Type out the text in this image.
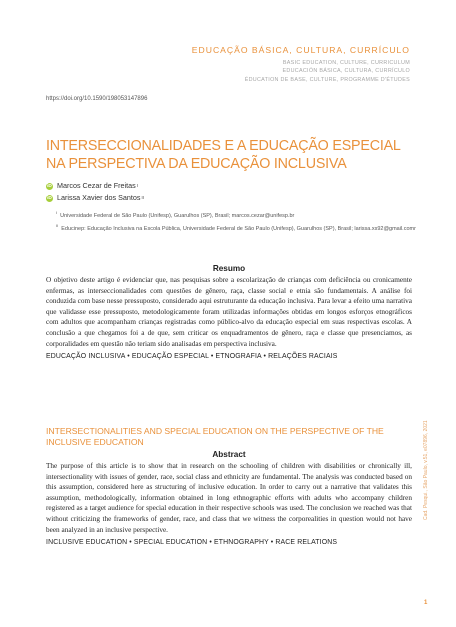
EDUCAÇÃO BÁSICA, CULTURA, CURRÍCULO
BASIC EDUCATION, CULTURE, CURRICULUM
EDUCACIÓN BÁSICA, CULTURA, CURRÍCULO
ÉDUCATION DE BASE, CULTURE, PROGRAMME D'ÉTUDES
https://doi.org/10.1590/198053147896
INTERSECCIONALIDADES E A EDUCAÇÃO ESPECIAL NA PERSPECTIVA DA EDUCAÇÃO INCLUSIVA
iD Marcos Cezar de Freitas I
iD Larissa Xavier dos Santos II
$^I$Universidade Federal de São Paulo (Unifesp), Guarulhos (SP), Brasil; marcos.cezar@unifesp.br
$^{II}$Educinep: Educação Inclusiva na Escola Pública, Universidade Federal de São Paulo (Unifesp), Guarulhos (SP), Brasil; larissa.xs92@gmail.comr
Resumo

O objetivo deste artigo é evidenciar que, nas pesquisas sobre a escolarização de crianças com deficiência ou cronicamente enfermas, as interseccionalidades com questões de gênero, raça, classe social e etnia são fundamentais. A análise foi conduzida com base nesse pressuposto, considerado aqui estruturante da educação inclusiva. Para levar a efeito uma narrativa que validasse esse pressuposto, metodologicamente foram utilizadas informações obtidas em longos esforços etnográficos com adultos que acompanham crianças registradas como público-alvo da educação especial em suas respectivas escolas. A conclusão a que chegamos foi a de que, sem criticar os enquadramentos de gênero, raça e classe que presenciamos, as corporalidades em questão não teriam sido analisadas em perspectiva inclusiva.

EDUCAÇÃO INCLUSIVA • EDUCAÇÃO ESPECIAL • ETNOGRAFIA • RELAÇÕES RACIAIS
INTERSECTIONALITIES AND SPECIAL EDUCATION ON THE PERSPECTIVE OF THE INCLUSIVE EDUCATION
Abstract

The purpose of this article is to show that in research on the schooling of children with disabilities or chronically ill, intersectionality with issues of gender, race, social class and ethnicity are fundamental. The analysis was conducted based on this assumption, considered here as structuring of inclusive education. In order to carry out a narrative that validates this assumption, methodologically, information obtained in long ethnographic efforts with adults who accompany children registered as a target audience for special education in their respective schools was used. The conclusion we reached was that without criticizing the frameworks of gender, race, and class that we witness the corporealities in question would not have been analyzed in an inclusive perspective.

INCLUSIVE EDUCATION • SPECIAL EDUCATION • ETHNOGRAPHY • RACE RELATIONS
Cad. Pesqui., São Paulo, v.51, e07896, 2021
1
